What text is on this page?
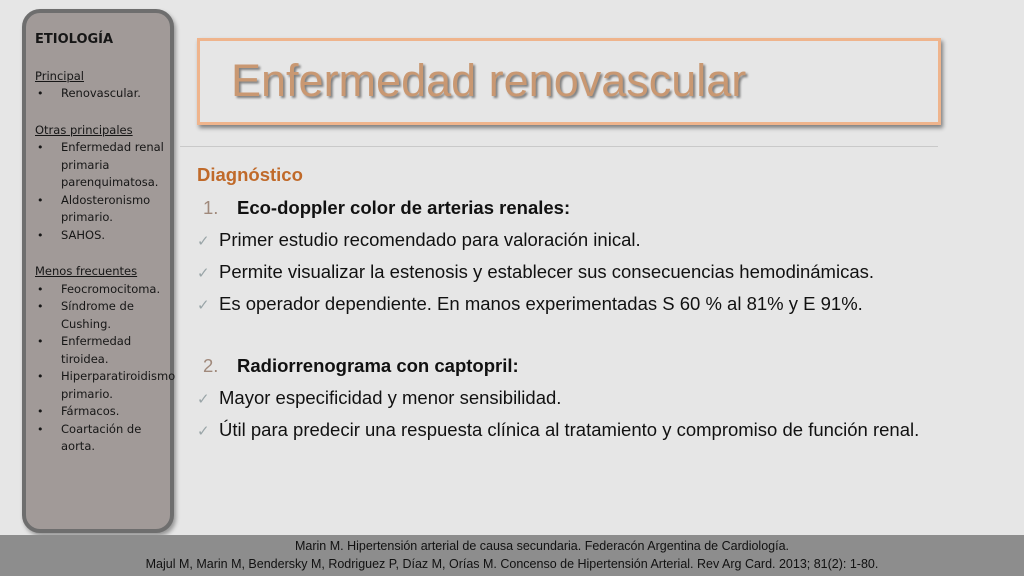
ETIOLOGÍA
Principal
• Renovascular.
Otras principales
• Enfermedad renal primaria parenquimatosa.
• Aldosteronismo primario.
• SAHOS.
Menos frecuentes
• Feocromocitoma.
• Síndrome de Cushing.
• Enfermedad tiroidea.
• Hiperparatiroidismo primario.
• Fármacos.
• Coartación de aorta.
Enfermedad renovascular
Diagnóstico
1.	Eco-doppler color de arterias renales:
✓ Primer estudio recomendado para valoración inical.
✓ Permite visualizar la estenosis y establecer sus consecuencias hemodinámicas.
✓ Es operador dependiente. En manos experimentadas S 60 % al 81% y E 91%.
2.	Radiorrenograma con captopril:
✓ Mayor especificidad y menor sensibilidad.
✓ Útil para predecir una respuesta clínica al tratamiento y compromiso de función renal.
Marin M. Hipertensión arterial de causa secundaria. Federacón Argentina de Cardiología.
Majul M, Marin M, Bendersky M, Rodriguez P, Díaz M, Orías M. Concenso de Hipertensión Arterial. Rev Arg Card. 2013; 81(2): 1-80.
